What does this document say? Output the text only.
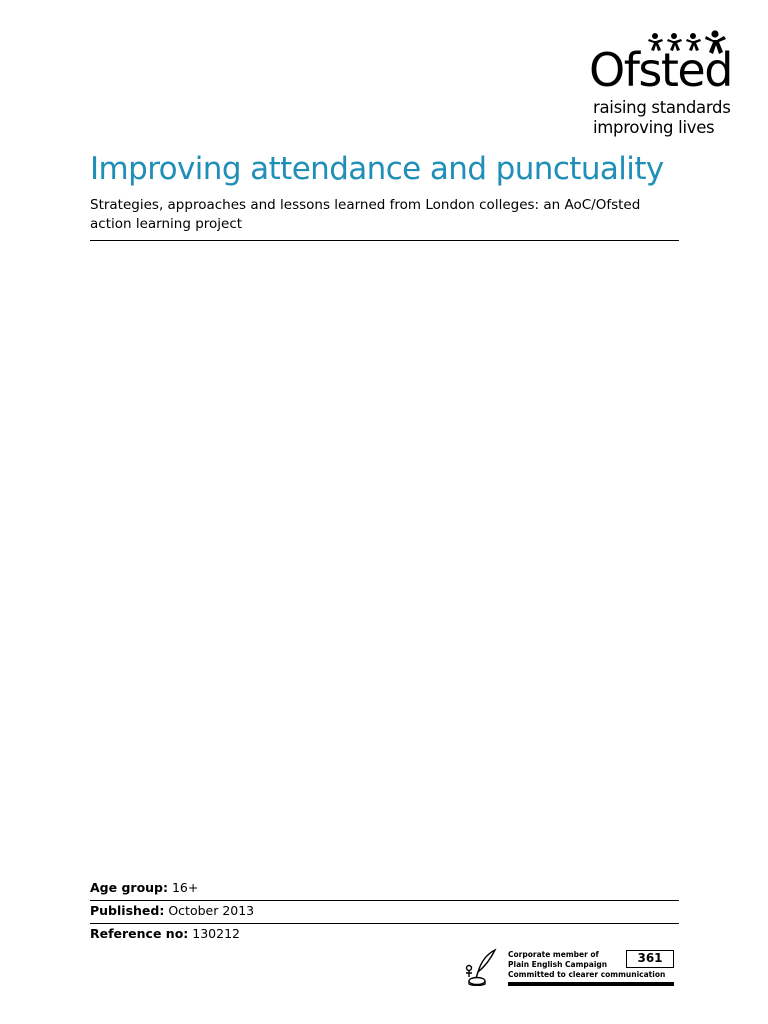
Ofsted
raising standards
improving lives
Improving attendance and punctuality

Strategies, approaches and lessons learned from London colleges: an AoC/Ofsted action learning project

Age group: 16+
Published: October 2013
Reference no: 130212
Corporate member of
Plain English Campaign
Committed to clearer communication
361
